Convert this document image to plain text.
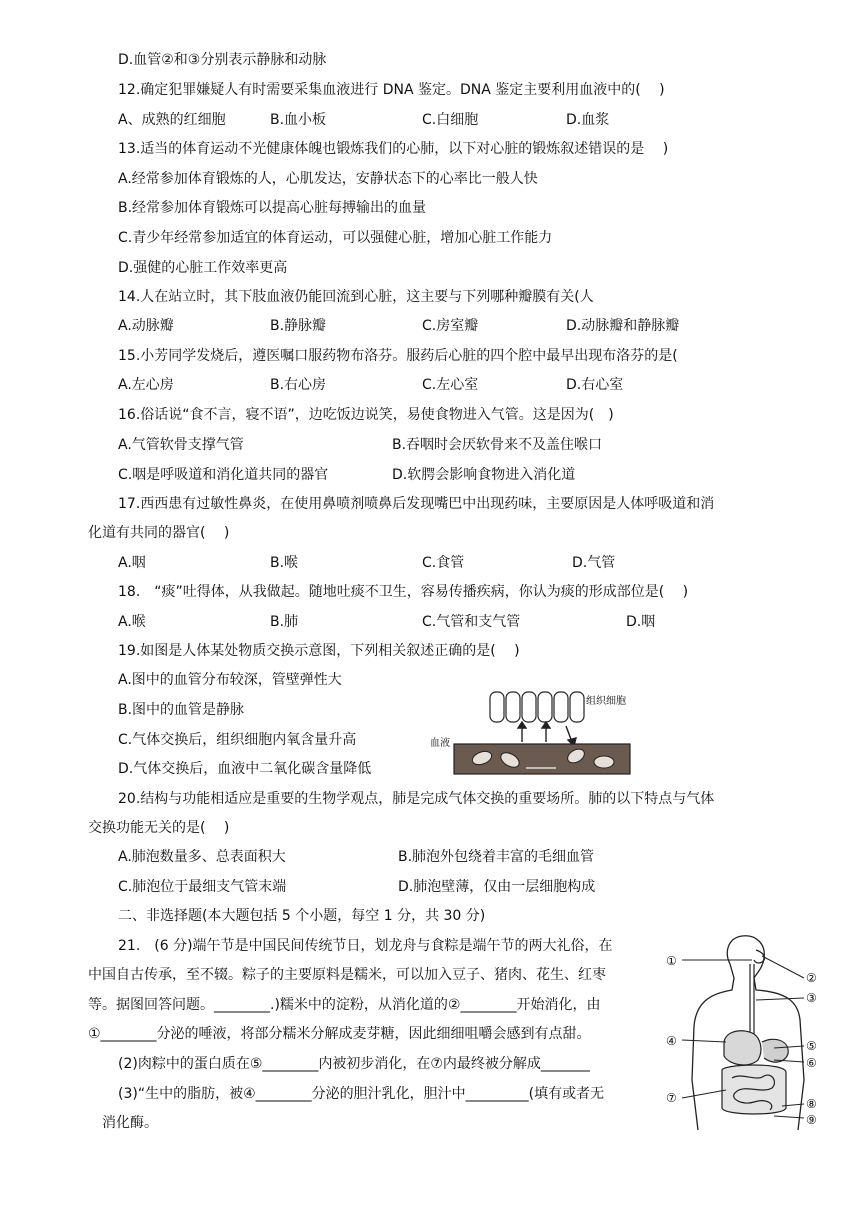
D.血管②和③分别表示静脉和动脉
12.确定犯罪嫌疑人有时需要采集血液进行 DNA 鉴定。DNA 鉴定主要利用血液中的(　 )
A、成熟的红细胞	B.血小板	C.白细胞	D.血浆
13.适当的体育运动不光健康体魄也锻炼我们的心肺，以下对心脏的锻炼叙述错误的是　 )
A.经常参加体育锻炼的人，心肌发达，安静状态下的心率比一般人快
B.经常参加体育锻炼可以提高心脏每搏输出的血量
C.青少年经常参加适宜的体育运动，可以强健心脏，增加心脏工作能力
D.强健的心脏工作效率更高
14.人在站立时，其下肢血液仍能回流到心脏，这主要与下列哪种瓣膜有关(人
A.动脉瓣	B.静脉瓣	C.房室瓣	D.动脉瓣和静脉瓣
15.小芳同学发烧后，遵医嘱口服药物布洛芬。服药后心脏的四个腔中最早出现布洛芬的是(
A.左心房	B.右心房	C.左心室	D.右心室
16.俗话说“食不言，寝不语”，边吃饭边说笑，易使食物进入气管。这是因为(　)
A.气管软骨支撑气管	B.吞咽时会厌软骨来不及盖住喉口
C.咽是呼吸道和消化道共同的器官	D.软腭会影响食物进入消化道
17.西西患有过敏性鼻炎，在使用鼻喷剂喷鼻后发现嘴巴中出现药味，主要原因是人体呼吸道和消
化道有共同的器官(　 )
A.咽	B.喉	C.食管	D.气管
18.　“痰”吐得体，从我做起。随地吐痰不卫生，容易传播疾病，你认为痰的形成部位是(　 )
A.喉	B.肺	C.气管和支气管	D.咽
19.如图是人体某处物质交换示意图，下列相关叙述正确的是(　 )
A.图中的血管分布较深，管壁弹性大
B.图中的血管是静脉
C.气体交换后，组织细胞内氧含量升高
D.气体交换后，血液中二氧化碳含量降低
组织细胞
血液
20.结构与功能相适应是重要的生物学观点，肺是完成气体交换的重要场所。肺的以下特点与气体
交换功能无关的是(　 )
A.肺泡数量多、总表面积大	B.肺泡外包绕着丰富的毛细血管
C.肺泡位于最细支气管末端	D.肺泡壁薄，仅由一层细胞构成
二、非选择题(本大题包括 5 个小题，每空 1 分，共 30 分)
21.　(6 分)端午节是中国民间传统节日，划龙舟与食粽是端午节的两大礼俗，在
中国自古传承，至不辍。粽子的主要原料是糯米，可以加入豆子、猪肉、花生、红枣
等。据图回答问题。________.)糯米中的淀粉，从消化道的②________开始消化，由
①________分泌的唾液，将部分糯米分解成麦芽糖，因此细细咀嚼会感到有点甜。
(2)肉粽中的蛋白质在⑤________内被初步消化，在⑦内最终被分解成_______
(3)“生中的脂肪，被④________分泌的胆汁乳化，胆汁中_________(填有或者无
消化酶。
①
②
③
④	⑤
⑥
⑦	⑧
⑨
